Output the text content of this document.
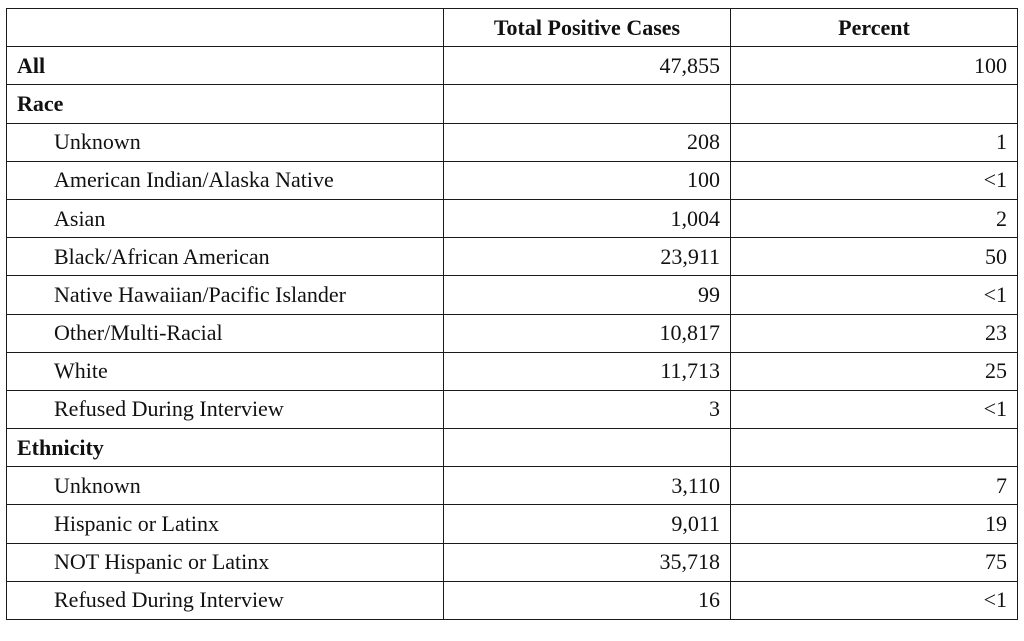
	Total Positive Cases	Percent
All	47,855	100
Race		
Unknown	208	1
American Indian/Alaska Native	100	<1
Asian	1,004	2
Black/African American	23,911	50
Native Hawaiian/Pacific Islander	99	<1
Other/Multi-Racial	10,817	23
White	11,713	25
Refused During Interview	3	<1
Ethnicity		
Unknown	3,110	7
Hispanic or Latinx	9,011	19
NOT Hispanic or Latinx	35,718	75
Refused During Interview	16	<1
